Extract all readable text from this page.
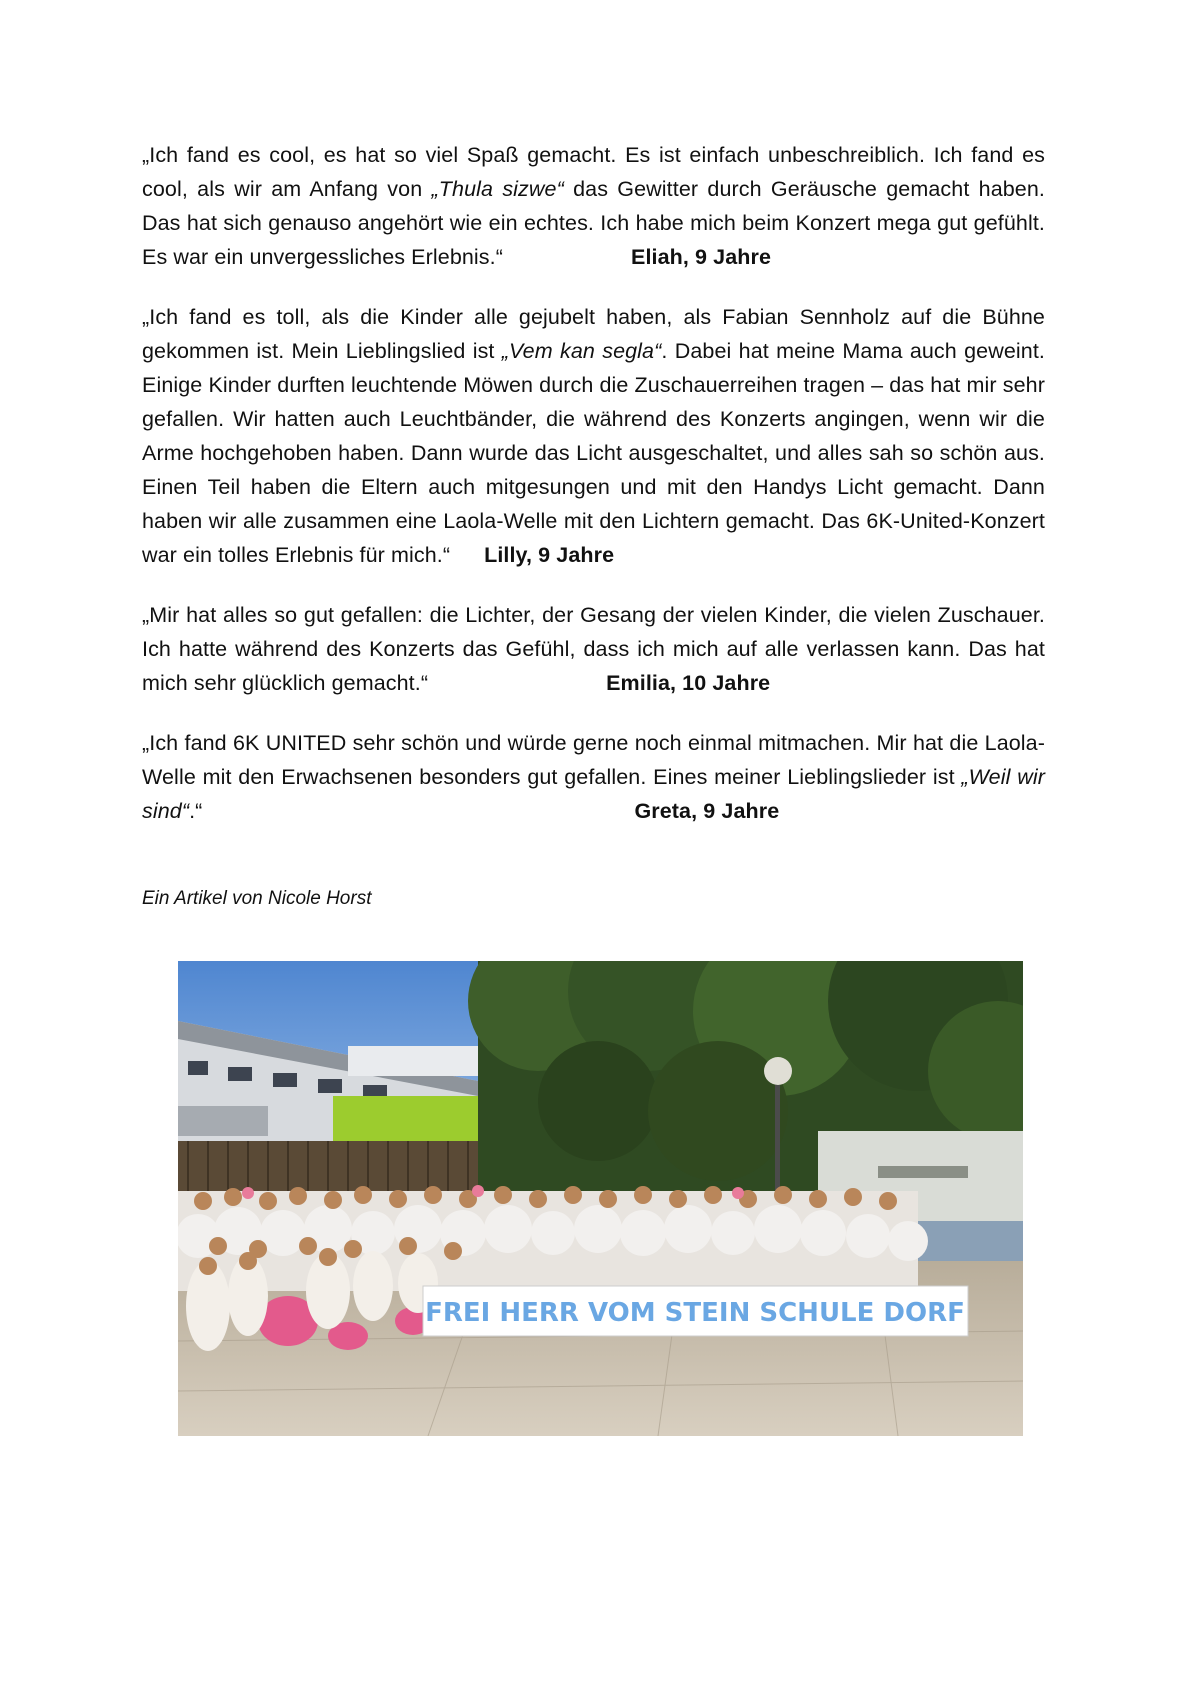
„Ich fand es cool, es hat so viel Spaß gemacht. Es ist einfach unbeschreiblich. Ich fand es cool, als wir am Anfang von „Thula sizwe“ das Gewitter durch Geräusche gemacht haben. Das hat sich genauso angehört wie ein echtes. Ich habe mich beim Konzert mega gut gefühlt. Es war ein unvergessliches Erlebnis.“	Eliah, 9 Jahre

„Ich fand es toll, als die Kinder alle gejubelt haben, als Fabian Sennholz auf die Bühne gekommen ist. Mein Lieblingslied ist „Vem kan segla“. Dabei hat meine Mama auch geweint. Einige Kinder durften leuchtende Möwen durch die Zuschauerreihen tragen – das hat mir sehr gefallen. Wir hatten auch Leuchtbänder, die während des Konzerts angingen, wenn wir die Arme hochgehoben haben. Dann wurde das Licht ausgeschaltet, und alles sah so schön aus. Einen Teil haben die Eltern auch mitgesungen und mit den Handys Licht gemacht. Dann haben wir alle zusammen eine Laola-Welle mit den Lichtern gemacht. Das 6K-United-Konzert war ein tolles Erlebnis für mich.“ Lilly, 9 Jahre

„Mir hat alles so gut gefallen: die Lichter, der Gesang der vielen Kinder, die vielen Zuschauer. Ich hatte während des Konzerts das Gefühl, dass ich mich auf alle verlassen kann. Das hat mich sehr glücklich gemacht.“	Emilia, 10 Jahre

„Ich fand 6K UNITED sehr schön und würde gerne noch einmal mitmachen. Mir hat die Laola-Welle mit den Erwachsenen besonders gut gefallen. Eines meiner Lieblingslieder ist „Weil wir sind“.“	Greta, 9 Jahre

Ein Artikel von Nicole Horst
FREI HERR VOM STEIN SCHULE DORF
